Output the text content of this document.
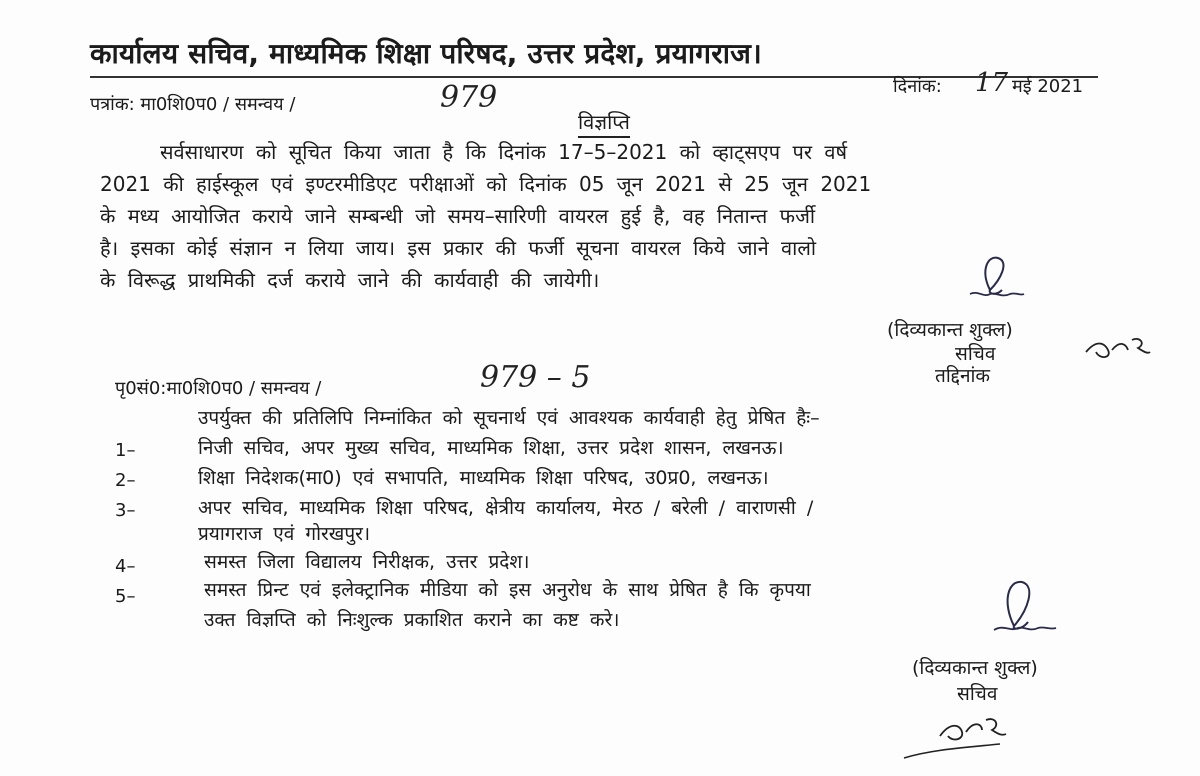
कार्यालय सचिव, माध्यमिक शिक्षा परिषद, उत्तर प्रदेश, प्रयागराज।
पत्रांक: मा0शि0प0 / समन्वय /	979	दिनांक: 17 मई 2021
विज्ञप्ति
सर्वसाधारण को सूचित किया जाता है कि दिनांक 17–5–2021 को व्हाट्सएप पर वर्ष
2021 की हाईस्कूल एवं इण्टरमीडिएट परीक्षाओं को दिनांक 05 जून 2021 से 25 जून 2021
के मध्य आयोजित कराये जाने सम्बन्धी जो समय–सारिणी वायरल हुई है, वह नितान्त फर्जी
है। इसका कोई संज्ञान न लिया जाय। इस प्रकार की फर्जी सूचना वायरल किये जाने वालो
के विरूद्ध प्राथमिकी दर्ज कराये जाने की कार्यवाही की जायेगी।
(दिव्यकान्त शुक्ल)
सचिव
तद्दिनांक
पृ0सं0:मा0शि0प0 / समन्वय /	979 – 5
उपर्युक्त की प्रतिलिपि निम्नांकित को सूचनार्थ एवं आवश्यक कार्यवाही हेतु प्रेषित हैः–
1–	निजी सचिव, अपर मुख्य सचिव, माध्यमिक शिक्षा, उत्तर प्रदेश शासन, लखनऊ।
2–	शिक्षा निदेशक(मा0) एवं सभापति, माध्यमिक शिक्षा परिषद, उ0प्र0, लखनऊ।
3–	अपर सचिव, माध्यमिक शिक्षा परिषद, क्षेत्रीय कार्यालय, मेरठ / बरेली / वाराणसी /
प्रयागराज एवं गोरखपुर।
4–	समस्त जिला विद्यालय निरीक्षक, उत्तर प्रदेश।
5–	समस्त प्रिन्ट एवं इलेक्ट्रानिक मीडिया को इस अनुरोध के साथ प्रेषित है कि कृपया
उक्त विज्ञप्ति को निःशुल्क प्रकाशित कराने का कष्ट करे।
(दिव्यकान्त शुक्ल)
सचिव
